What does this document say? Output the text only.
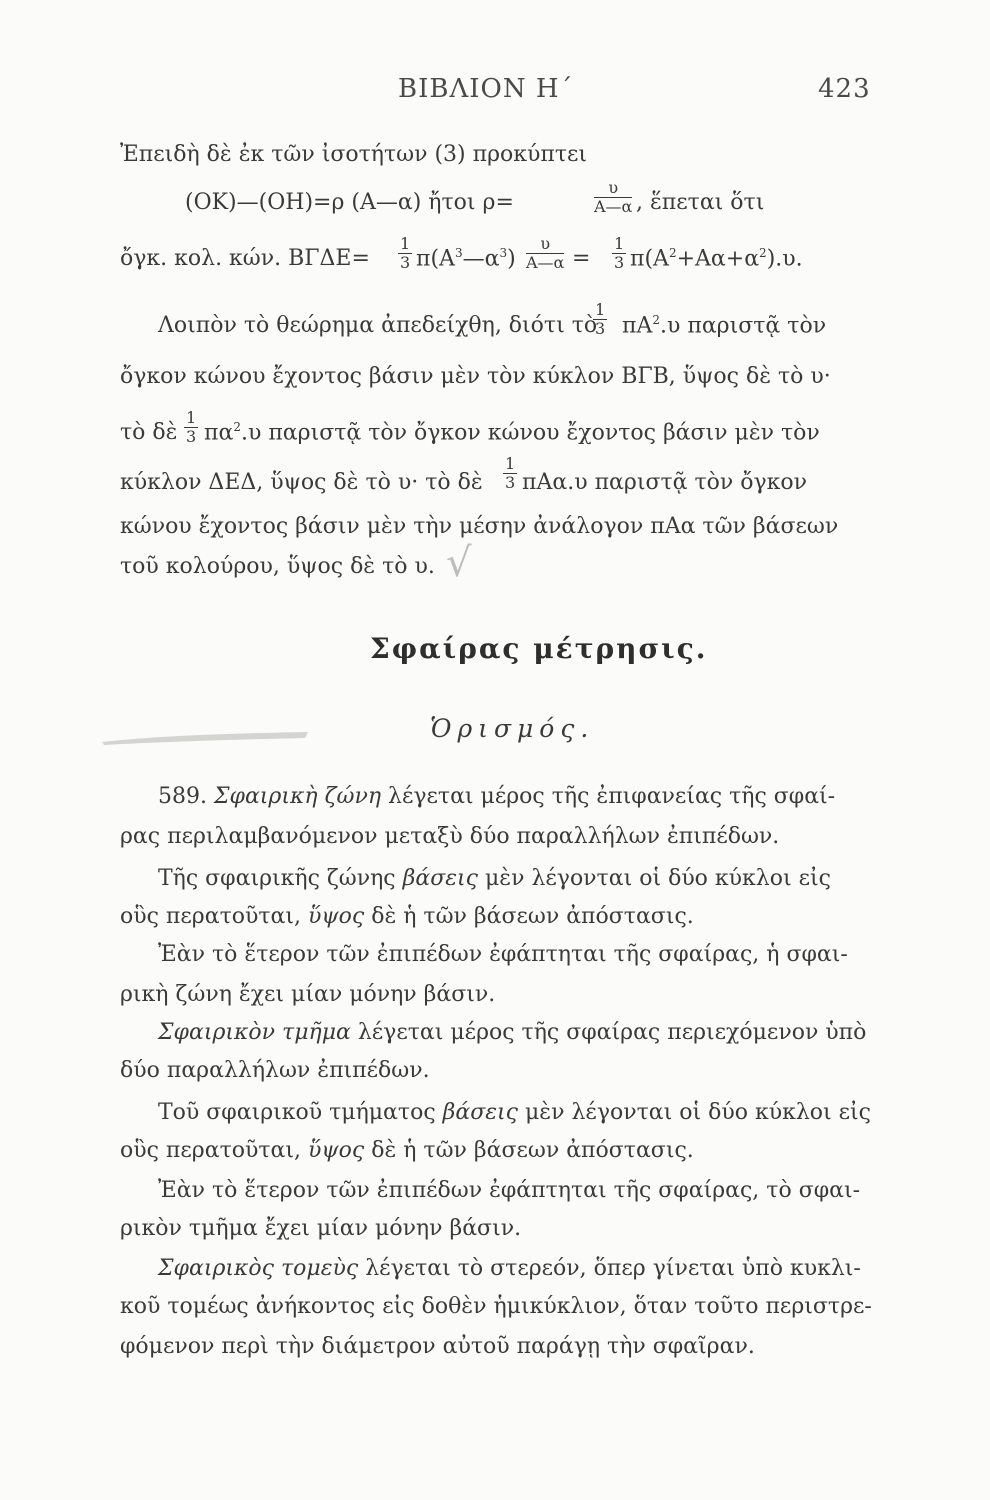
ΒΙΒΛΙΟΝ Η΄	423
Ἐπειδὴ δὲ ἐκ τῶν ἰσοτήτων (3) προκύπτει
(ΟΚ)—(ΟΗ)=ρ (Α—α) ἤτοι ρ=	$\frac{\upsilon}{A—\alpha}$ , ἕπεται ὅτι
ὄγκ. κολ. κών. $B\Gamma\Delta E= \frac{1}{3}$ $\pi(A^3—\alpha^3) \frac{\upsilon}{A—\alpha} = \frac{1}{3} \pi(A^2+A\alpha+\alpha^2).\upsilon$.
Λοιπὸν τὸ θεώρημα ἀπεδείχθη, διότι τὸ
$\frac{1}{3} \pi A^2.\upsilon$ παριστᾷ τὸν
ὄγκον κώνου ἔχοντος βάσιν μὲν τὸν κύκλον ΒΓΒ, ὕψος δὲ τὸ υ·
τὸ δὲ $\frac{1}{3} \pi\alpha^2.\upsilon$ παριστᾷ τὸν ὄγκον κώνου ἔχοντος βάσιν μὲν τὸν
κύκλον ΔΕΔ, ὕψος δὲ τὸ υ· τὸ δὲ $\frac{1}{3} \pi A\alpha.\upsilon$ παριστᾷ τὸν ὄγκον
κώνου ἔχοντος βάσιν μὲν τὴν μέσην ἀνάλογον πΑα τῶν βάσεων
τοῦ κολούρου, ὕψος δὲ τὸ υ. √
Σφαίρας μέτρησις.
Ὁρισμός.
589. Σφαιρικὴ ζώνη λέγεται μέρος τῆς ἐπιφανείας τῆς σφαί-
ρας περιλαμβανόμενον μεταξὺ δύο παραλλήλων ἐπιπέδων.
Τῆς σφαιρικῆς ζώνης βάσεις μὲν λέγονται οἱ δύο κύκλοι εἰς
οὓς περατοῦται, ὕψος δὲ ἡ τῶν βάσεων ἀπόστασις.
Ἐὰν τὸ ἕτερον τῶν ἐπιπέδων ἐφάπτηται τῆς σφαίρας, ἡ σφαι-
ρικὴ ζώνη ἔχει μίαν μόνην βάσιν.
Σφαιρικὸν τμῆμα λέγεται μέρος τῆς σφαίρας περιεχόμενον ὑπὸ
δύο παραλλήλων ἐπιπέδων.
Τοῦ σφαιρικοῦ τμήματος βάσεις μὲν λέγονται οἱ δύο κύκλοι εἰς
οὓς περατοῦται, ὕψος δὲ ἡ τῶν βάσεων ἀπόστασις.
Ἐὰν τὸ ἕτερον τῶν ἐπιπέδων ἐφάπτηται τῆς σφαίρας, τὸ σφαι-
ρικὸν τμῆμα ἔχει μίαν μόνην βάσιν.
Σφαιρικὸς τομεὺς λέγεται τὸ στερεόν, ὅπερ γίνεται ὑπὸ κυκλι-
κοῦ τομέως ἀνήκοντος εἰς δοθὲν ἡμικύκλιον, ὅταν τοῦτο περιστρε-
φόμενον περὶ τὴν διάμετρον αὐτοῦ παράγῃ τὴν σφαῖραν.
